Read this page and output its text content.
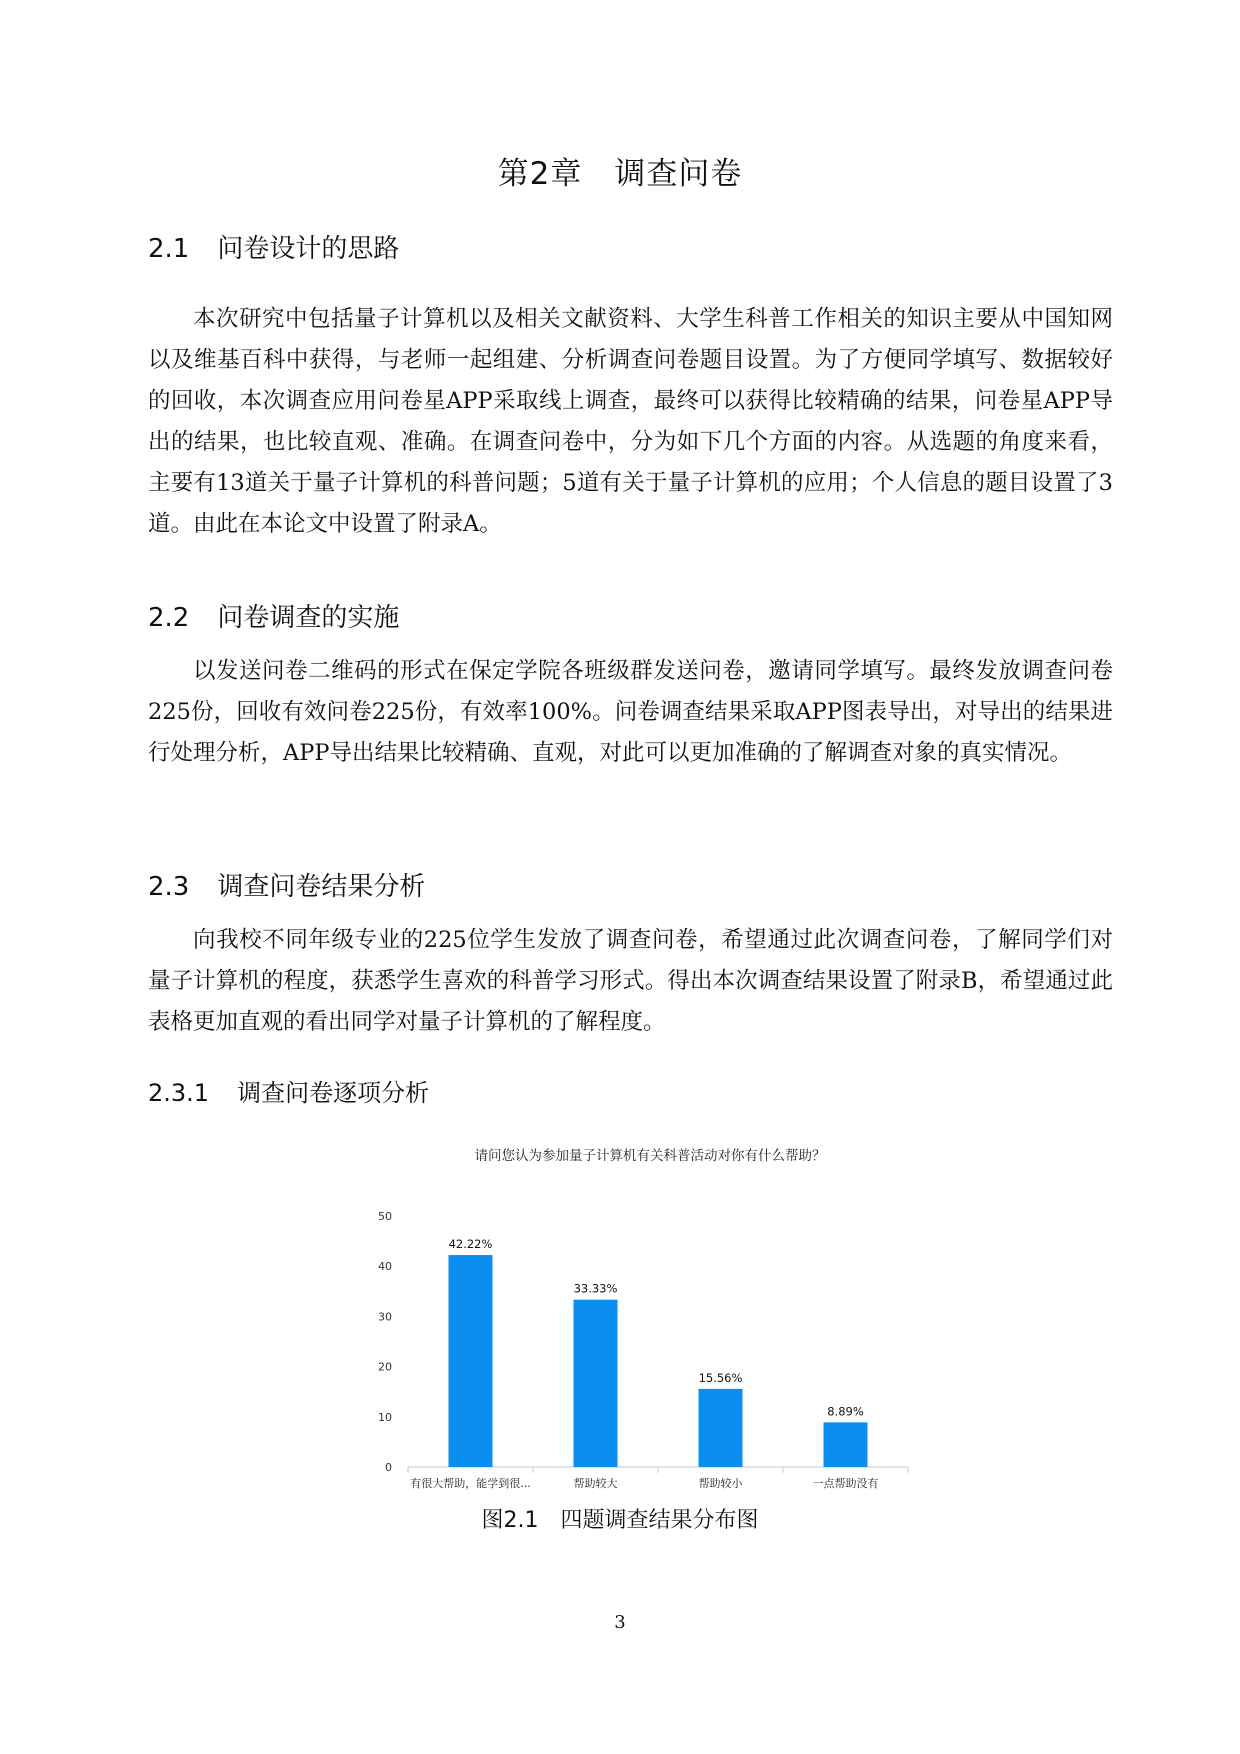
第2章　调查问卷
2.1 问卷设计的思路

本次研究中包括量子计算机以及相关文献资料、大学生科普工作相关的知识主要从中国知网以及维基百科中获得，与老师一起组建、分析调查问卷题目设置。为了方便同学填写、数据较好的回收，本次调查应用问卷星APP采取线上调查，最终可以获得比较精确的结果，问卷星APP导出的结果，也比较直观、准确。在调查问卷中，分为如下几个方面的内容。从选题的角度来看，主要有13道关于量子计算机的科普问题；5道有关于量子计算机的应用；个人信息的题目设置了3道。由此在本论文中设置了附录A。

2.2 问卷调查的实施

以发送问卷二维码的形式在保定学院各班级群发送问卷，邀请同学填写。最终发放调查问卷225份，回收有效问卷225份，有效率100%。问卷调查结果采取APP图表导出，对导出的结果进行处理分析，APP导出结果比较精确、直观，对此可以更加准确的了解调查对象的真实情况。

2.3 调查问卷结果分析

向我校不同年级专业的225位学生发放了调查问卷，希望通过此次调查问卷，了解同学们对量子计算机的程度，获悉学生喜欢的科普学习形式。得出本次调查结果设置了附录B，希望通过此表格更加直观的看出同学对量子计算机的了解程度。

2.3.1 调查问卷逐项分析
请问您认为参加量子计算机有关科普活动对你有什么帮助？
0
10
20
30
40
50
42.22%
有很大帮助，能学到很...
33.33%
帮助较大
15.56%
帮助较小
8.89%
一点帮助没有
图2.1 四题调查结果分布图
3
